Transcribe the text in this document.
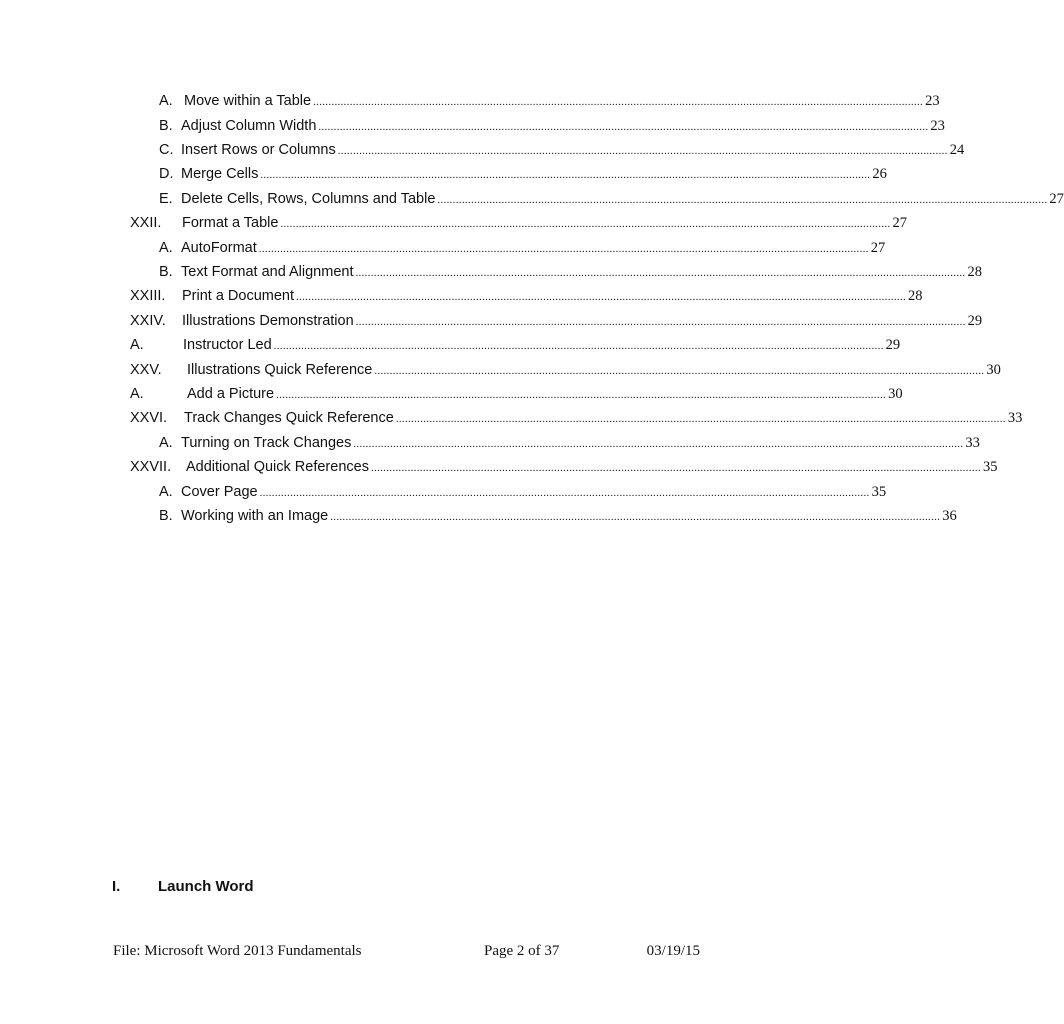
A. Move within a Table ........................................................................................................................................................................................................ 23
B. Adjust Column Width ........................................................................................................................................................................................................ 23
C. Insert Rows or Columns ........................................................................................................................................................................................................ 24
D. Merge Cells ........................................................................................................................................................................................................ 26
E. Delete Cells, Rows, Columns and Table ........................................................................................................................................................................................................ 27
XXII. Format a Table ........................................................................................................................................................................................................ 27
A. AutoFormat ........................................................................................................................................................................................................ 27
B. Text Format and Alignment ........................................................................................................................................................................................................ 28
XXIII. Print a Document ........................................................................................................................................................................................................ 28
XXIV. Illustrations Demonstration ........................................................................................................................................................................................................ 29
A.	Instructor Led ........................................................................................................................................................................................................ 29
XXV. Illustrations Quick Reference ........................................................................................................................................................................................................ 30
A.	Add a Picture ........................................................................................................................................................................................................ 30
XXVI. Track Changes Quick Reference ........................................................................................................................................................................................................ 33
A. Turning on Track Changes ........................................................................................................................................................................................................ 33
XXVII. Additional Quick References ........................................................................................................................................................................................................ 35
A. Cover Page ........................................................................................................................................................................................................ 35
B. Working with an Image ........................................................................................................................................................................................................ 36
I.	Launch Word
File: Microsoft Word 2013 Fundamentals	Page 2 of 37	03/19/15
